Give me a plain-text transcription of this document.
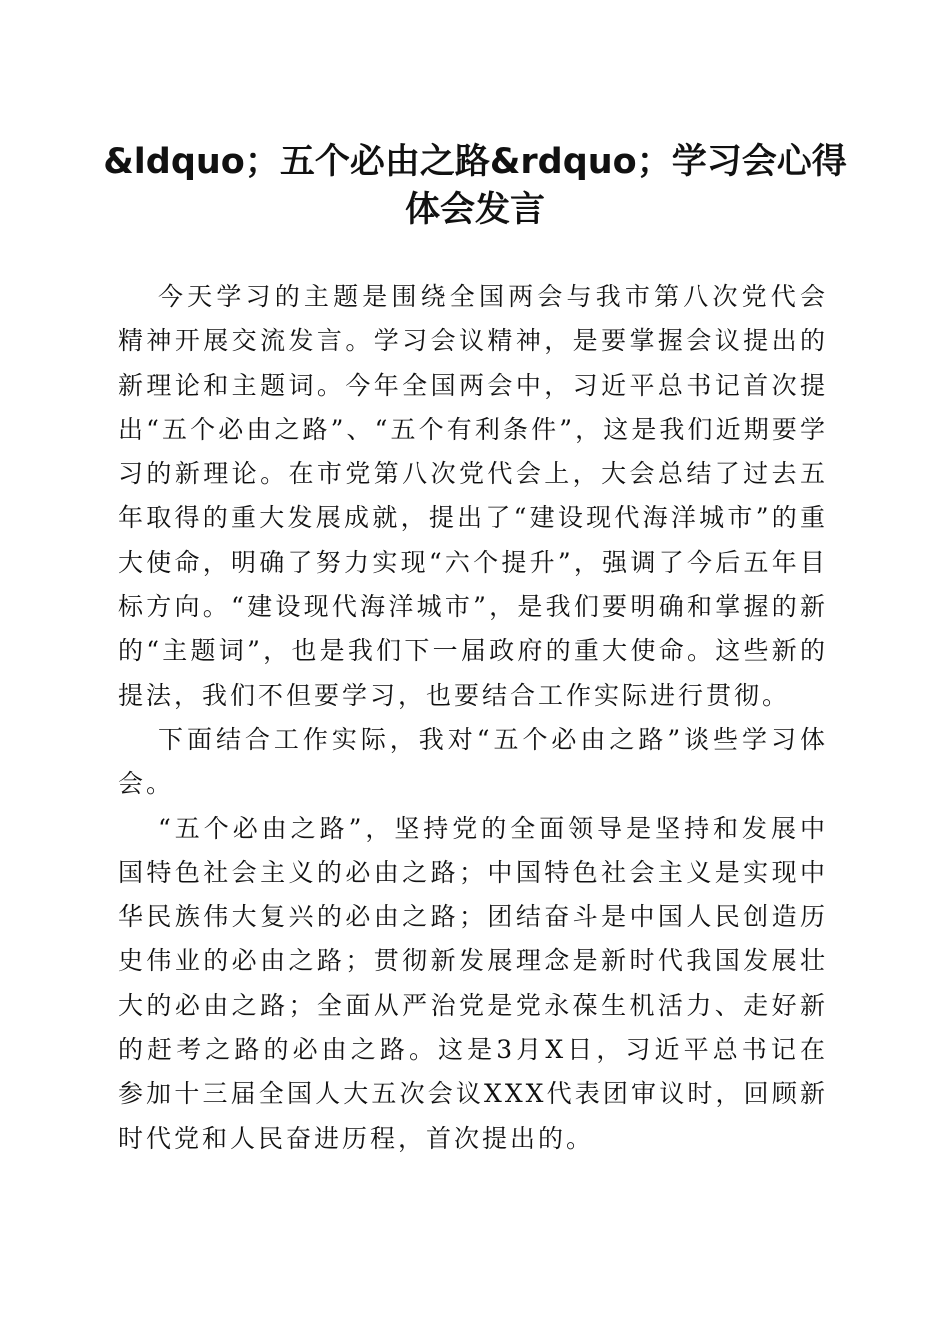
&ldquo；五个必由之路&rdquo；学习会心得
体会发言

今天学习的主题是围绕全国两会与我市第八次党代会精神开展交流发言。学习会议精神，是要掌握会议提出的新理论和主题词。今年全国两会中，习近平总书记首次提出“五个必由之路”、“五个有利条件”，这是我们近期要学习的新理论。在市党第八次党代会上，大会总结了过去五年取得的重大发展成就，提出了“建设现代海洋城市”的重大使命，明确了努力实现“六个提升”，强调了今后五年目标方向。“建设现代海洋城市”，是我们要明确和掌握的新的“主题词”，也是我们下一届政府的重大使命。这些新的提法，我们不但要学习，也要结合工作实际进行贯彻。

下面结合工作实际，我对“五个必由之路”谈些学习体会。

“五个必由之路”，坚持党的全面领导是坚持和发展中国特色社会主义的必由之路；中国特色社会主义是实现中华民族伟大复兴的必由之路；团结奋斗是中国人民创造历史伟业的必由之路；贯彻新发展理念是新时代我国发展壮大的必由之路；全面从严治党是党永葆生机活力、走好新的赶考之路的必由之路。这是3月X日，习近平总书记在参加十三届全国人大五次会议XXX代表团审议时，回顾新时代党和人民奋进历程，首次提出的。
